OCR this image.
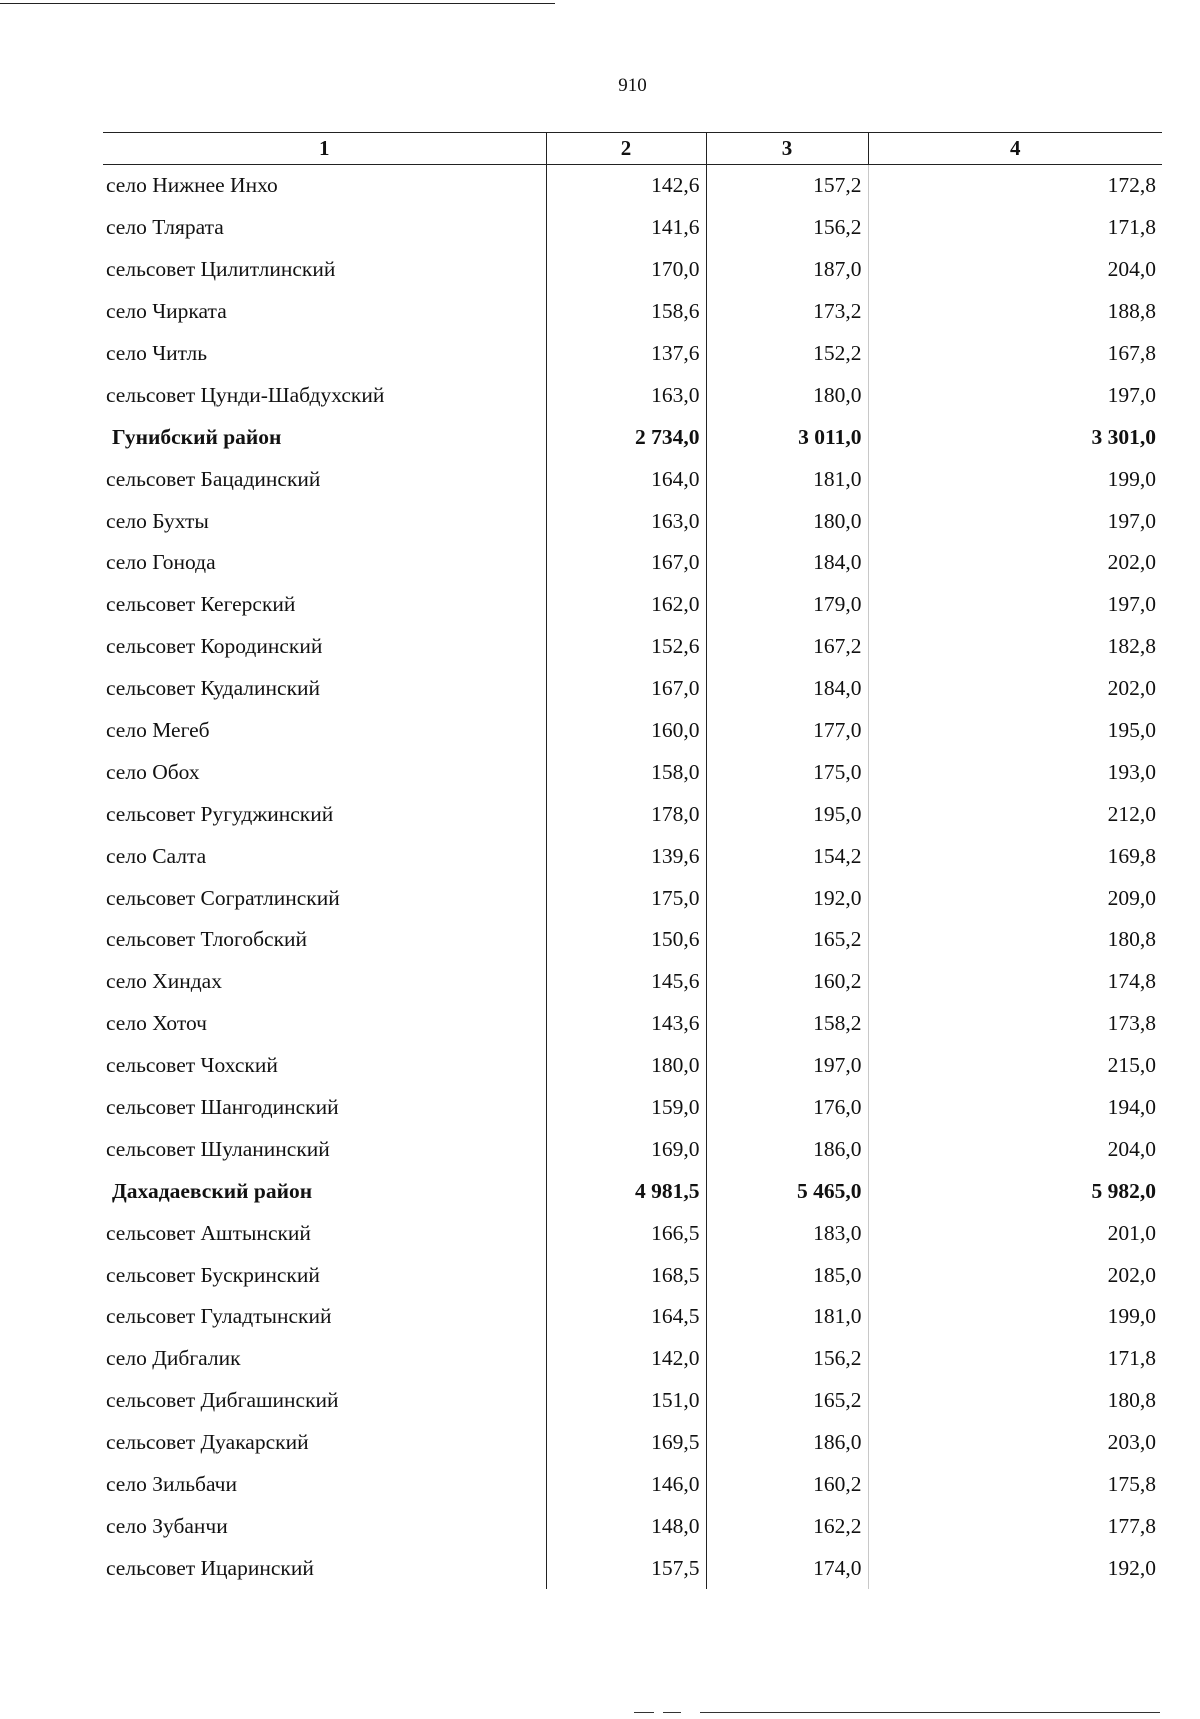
910
1	2	3	4
село Нижнее Инхо	142,6	157,2	172,8
село Тлярата	141,6	156,2	171,8
сельсовет Цилитлинский	170,0	187,0	204,0
село Чирката	158,6	173,2	188,8
село Читль	137,6	152,2	167,8
сельсовет Цунди-Шабдухский	163,0	180,0	197,0
Гунибский район	2 734,0	3 011,0	3 301,0
сельсовет Бацадинский	164,0	181,0	199,0
село Бухты	163,0	180,0	197,0
село Гонода	167,0	184,0	202,0
сельсовет Кегерский	162,0	179,0	197,0
сельсовет Кородинский	152,6	167,2	182,8
сельсовет Кудалинский	167,0	184,0	202,0
село Мегеб	160,0	177,0	195,0
село Обох	158,0	175,0	193,0
сельсовет Ругуджинский	178,0	195,0	212,0
село Салта	139,6	154,2	169,8
сельсовет Согратлинский	175,0	192,0	209,0
сельсовет Тлогобский	150,6	165,2	180,8
село Хиндах	145,6	160,2	174,8
село Хоточ	143,6	158,2	173,8
сельсовет Чохский	180,0	197,0	215,0
сельсовет Шангодинский	159,0	176,0	194,0
сельсовет Шуланинский	169,0	186,0	204,0
Дахадаевский район	4 981,5	5 465,0	5 982,0
сельсовет Аштынский	166,5	183,0	201,0
сельсовет Бускринский	168,5	185,0	202,0
сельсовет Гуладтынский	164,5	181,0	199,0
село Дибгалик	142,0	156,2	171,8
сельсовет Дибгашинский	151,0	165,2	180,8
сельсовет Дуакарский	169,5	186,0	203,0
село Зильбачи	146,0	160,2	175,8
село Зубанчи	148,0	162,2	177,8
сельсовет Ицаринский	157,5	174,0	192,0
